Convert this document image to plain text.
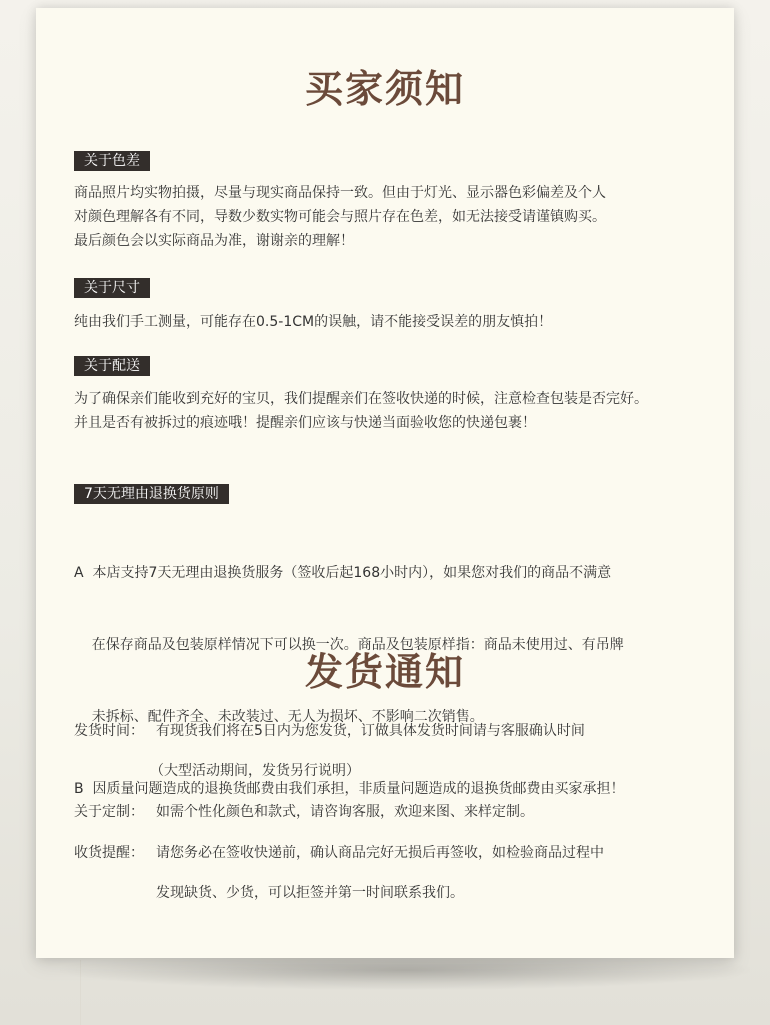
买家须知
关于色差
商品照片均实物拍摄，尽量与现实商品保持一致。但由于灯光、显示器色彩偏差及个人
对颜色理解各有不同，导数少数实物可能会与照片存在色差，如无法接受请谨镇购买。
最后颜色会以实际商品为准，谢谢亲的理解！
关于尺寸
纯由我们手工测量，可能存在0.5-1CM的误触，请不能接受误差的朋友慎拍！
关于配送
为了确保亲们能收到充好的宝贝，我们提醒亲们在签收快递的时候，注意检查包装是否完好。
并且是否有被拆过的痕迹哦！提醒亲们应该与快递当面验收您的快递包裹！
7天无理由退换货原则

A  本店支持7天无理由退换货服务（签收后起168小时内），如果您对我们的商品不满意

在保存商品及包装原样情况下可以换一次。商品及包装原样指：商品未使用过、有吊牌

未拆标、配件齐全、未改装过、无人为损坏、不影响二次销售。

B  因质量问题造成的退换货邮费由我们承担，非质量问题造成的退换货邮费由买家承担！

发货通知
发货时间： 有现货我们将在5日内为您发货，订做具体发货时间请与客服确认时间
（大型活动期间，发货另行说明）
关于定制： 如需个性化颜色和款式，请咨询客服，欢迎来图、来样定制。
收货提醒： 请您务必在签收快递前，确认商品完好无损后再签收，如检验商品过程中
发现缺货、少货，可以拒签并第一时间联系我们。
